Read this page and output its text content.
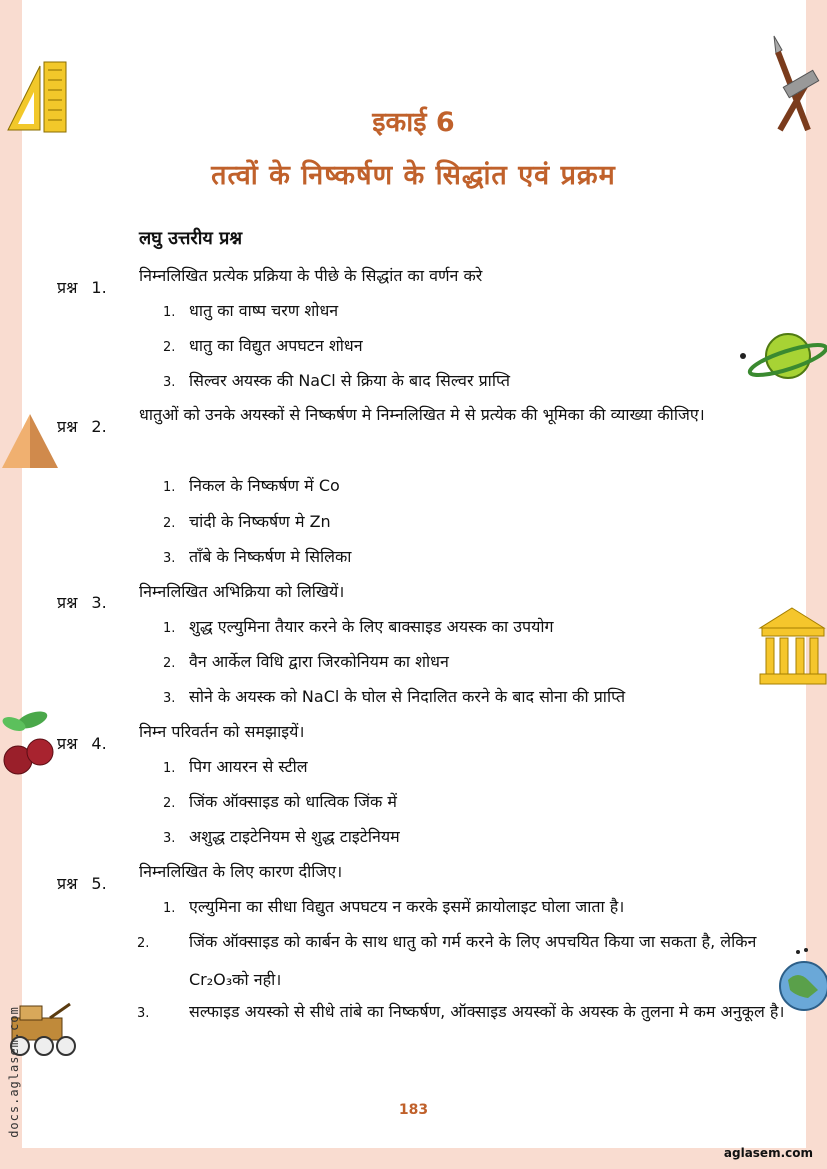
इकाई 6
तत्वों के निष्कर्षण के सिद्धांत एवं प्रक्रम
लघु उत्तरीय प्रश्न
प्रश्न 1.
निम्नलिखित प्रत्येक प्रक्रिया के पीछे के सिद्धांत का वर्णन करे
1. धातु का वाष्प चरण शोधन
2. धातु का विद्युत अपघटन शोधन
3. सिल्वर अयस्क की NaCl से क्रिया के बाद सिल्वर प्राप्ति
प्रश्न 2.
धातुओं को उनके अयस्कों से निष्कर्षण मे निम्नलिखित मे से प्रत्येक की भूमिका की व्याख्या कीजिए।
1. निकल के निष्कर्षण में Co
2. चांदी के निष्कर्षण मे Zn
3. ताँबे के निष्कर्षण मे सिलिका
प्रश्न 3.
निम्नलिखित अभिक्रिया को लिखियें।
1. शुद्ध एल्युमिना तैयार करने के लिए बाक्साइड अयस्क का उपयोग
2. वैन आर्केल विधि द्वारा जिरकोनियम का शोधन
3. सोने के अयस्क को NaCl के घोल से निदालित करने के बाद सोना की प्राप्ति
प्रश्न 4.
निम्न परिवर्तन को समझाइयें।
1. पिग आयरन से स्टील
2. जिंक ऑक्साइड को धात्विक जिंक में
3. अशुद्ध टाइटेनियम से शुद्ध टाइटेनियम
प्रश्न 5.
निम्नलिखित के लिए कारण दीजिए।
1. एल्युमिना का सीधा विद्युत अपघटय न करके इसमें क्रायोलाइट घोला जाता है।
2. जिंक ऑक्साइड को कार्बन के साथ धातु को गर्म करने के लिए अपचयित किया जा सकता है, लेकिन Cr₂O₃को नही।
3. सल्फाइड अयस्को से सीधे तांबे का निष्कर्षण, ऑक्साइड अयस्कों के अयस्क के तुलना मे कम अनुकूल है।
183
aglasem.com
docs.aglasem.com
